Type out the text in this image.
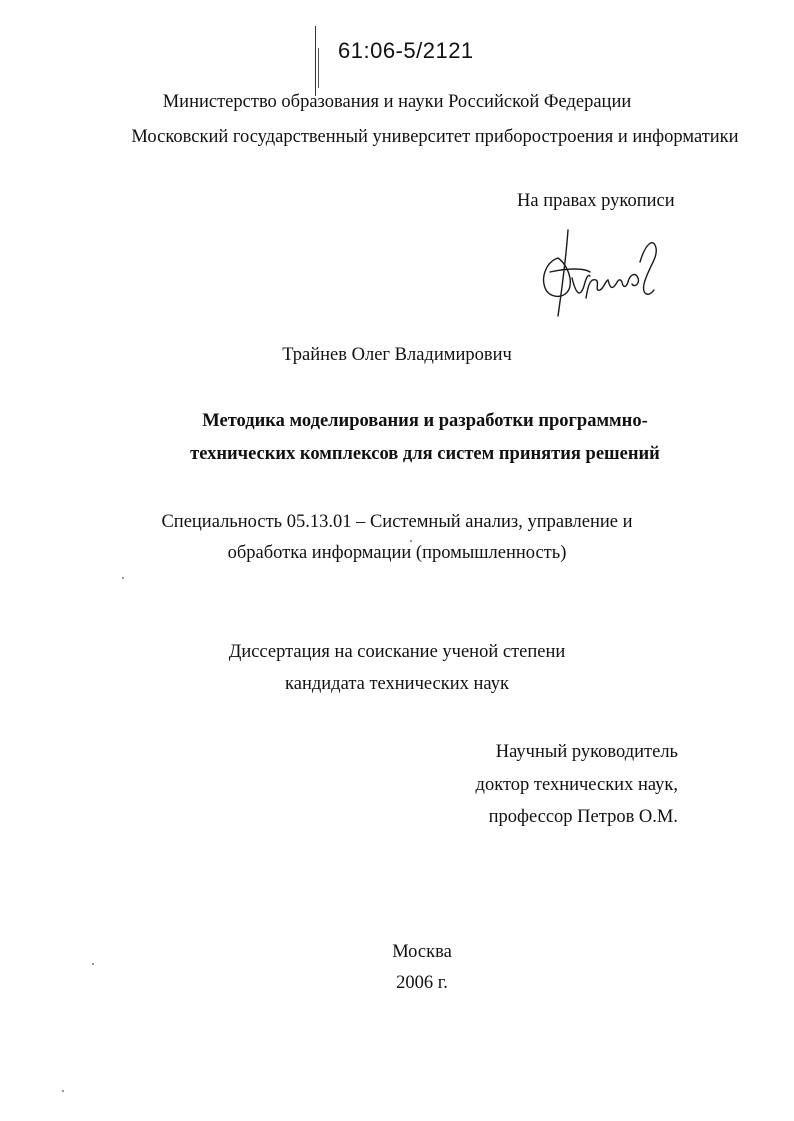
61:06-5/2121
Министерство образования и науки Российской Федерации
Московский государственный университет приборостроения и информатики
На правах рукописи
Трайнев Олег Владимирович
Методика моделирования и разработки программно-
технических комплексов для систем принятия решений
Специальность 05.13.01 – Системный анализ, управление и
обработка информации (промышленность)
Диссертация на соискание ученой степени
кандидата технических наук
Научный руководитель
доктор технических наук,
профессор Петров О.М.
Москва
2006 г.
